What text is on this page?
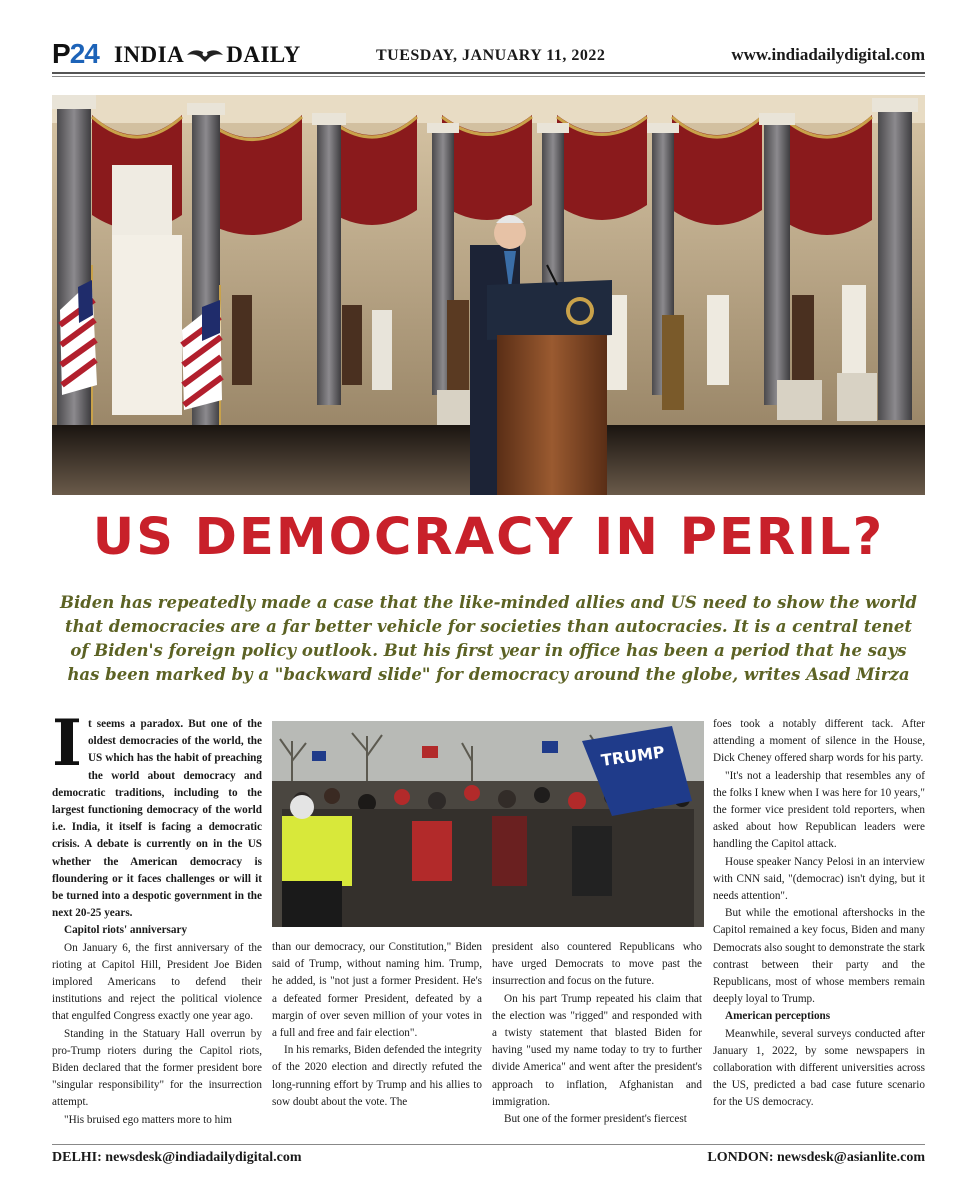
P24 INDIA DAILY	TUESDAY, JANUARY 11, 2022	www.indiadailydigital.com
US DEMOCRACY IN PERIL?

Biden has repeatedly made a case that the like-minded allies and US need to show the world that democracies are a far better vehicle for societies than autocracies. It is a central tenet of Biden's foreign policy outlook. But his first year in office has been a period that he says has been marked by a "backward slide" for democracy around the globe, writes Asad Mirza

It seems a paradox. But one of the oldest democracies of the world, the US which has the habit of preaching the world about democracy and democratic traditions, including to the largest functioning democracy of the world i.e. India, it itself is facing a democratic crisis. A debate is currently on in the US whether the American democracy is floundering or it faces challenges or will it be turned into a despotic government in the next 20-25 years.

Capitol riots' anniversary

On January 6, the first anniversary of the rioting at Capitol Hill, President Joe Biden implored Americans to defend their institutions and reject the political violence that engulfed Congress exactly one year ago.

Standing in the Statuary Hall overrun by pro-Trump rioters during the Capitol riots, Biden declared that the former president bore "singular responsibility" for the insurrection attempt.

"His bruised ego matters more to him

TRUMP

than our democracy, our Constitution," Biden said of Trump, without naming him. Trump, he added, is "not just a former President. He's a defeated former President, defeated by a margin of over seven million of your votes in a full and free and fair election".

In his remarks, Biden defended the integrity of the 2020 election and directly refuted the long-running effort by Trump and his allies to sow doubt about the vote. The

president also countered Republicans who have urged Democrats to move past the insurrection and focus on the future.

On his part Trump repeated his claim that the election was "rigged" and responded with a twisty statement that blasted Biden for having "used my name today to try to further divide America" and went after the president's approach to inflation, Afghanistan and immigration.

But one of the former president's fiercest

foes took a notably different tack. After attending a moment of silence in the House, Dick Cheney offered sharp words for his party.

"It's not a leadership that resembles any of the folks I knew when I was here for 10 years," the former vice president told reporters, when asked about how Republican leaders were handling the Capitol attack.

House speaker Nancy Pelosi in an interview with CNN said, "(democrac) isn't dying, but it needs attention".

But while the emotional aftershocks in the Capitol remained a key focus, Biden and many Democrats also sought to demonstrate the stark contrast between their party and the Republicans, most of whose members remain deeply loyal to Trump.

American perceptions

Meanwhile, several surveys conducted after January 1, 2022, by some newspapers in collaboration with different universities across the US, predicted a bad case future scenario for the US democracy.

DELHI: newsdesk@indiadailydigital.com	LONDON: newsdesk@asianlite.com
